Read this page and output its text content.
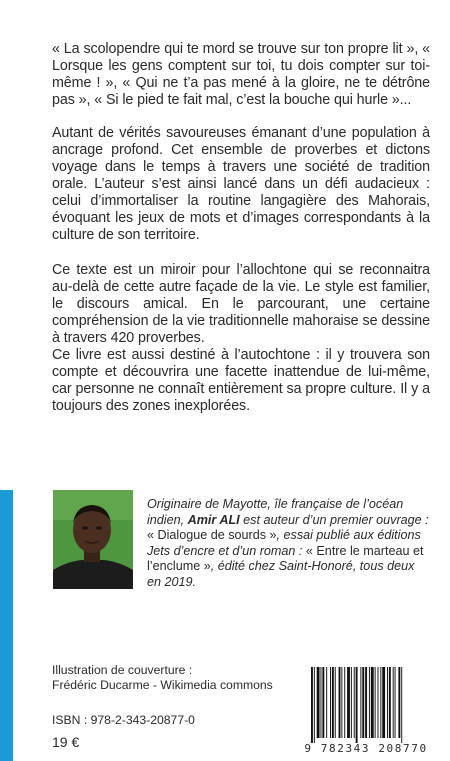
« La scolopendre qui te mord se trouve sur ton propre lit », « Lorsque les gens comptent sur toi, tu dois compter sur toi-même ! », « Qui ne t’a pas mené à la gloire, ne te détrône pas », « Si le pied te fait mal, c’est la bouche qui hurle »...

Autant de vérités savoureuses émanant d’une population à ancrage profond. Cet ensemble de proverbes et dictons voyage dans le temps à travers une société de tradition orale. L’auteur s’est ainsi lancé dans un défi audacieux : celui d’immortaliser la routine langagière des Mahorais, évoquant les jeux de mots et d’images correspondants à la culture de son territoire.

Ce texte est un miroir pour l’allochtone qui se reconnaitra au-delà de cette autre façade de la vie. Le style est familier, le discours amical. En le parcourant, une certaine compréhension de la vie traditionnelle mahoraise se dessine à travers 420 proverbes.

Ce livre est aussi destiné à l’autochtone : il y trouvera son compte et découvrira une facette inattendue de lui-même, car personne ne connaît entièrement sa propre culture. Il y a toujours des zones inexplorées.

Originaire de Mayotte, île française de l’océan indien, Amir ALI est auteur d’un premier ouvrage : « Dialogue de sourds », essai publié aux éditions Jets d’encre et d’un roman : « Entre le marteau et l’enclume », édité chez Saint-Honoré, tous deux en 2019.
Illustration de couverture :
Frédéric Ducarme - Wikimedia commons
ISBN : 978-2-343-20877-0
19 €	9 782343 208770
